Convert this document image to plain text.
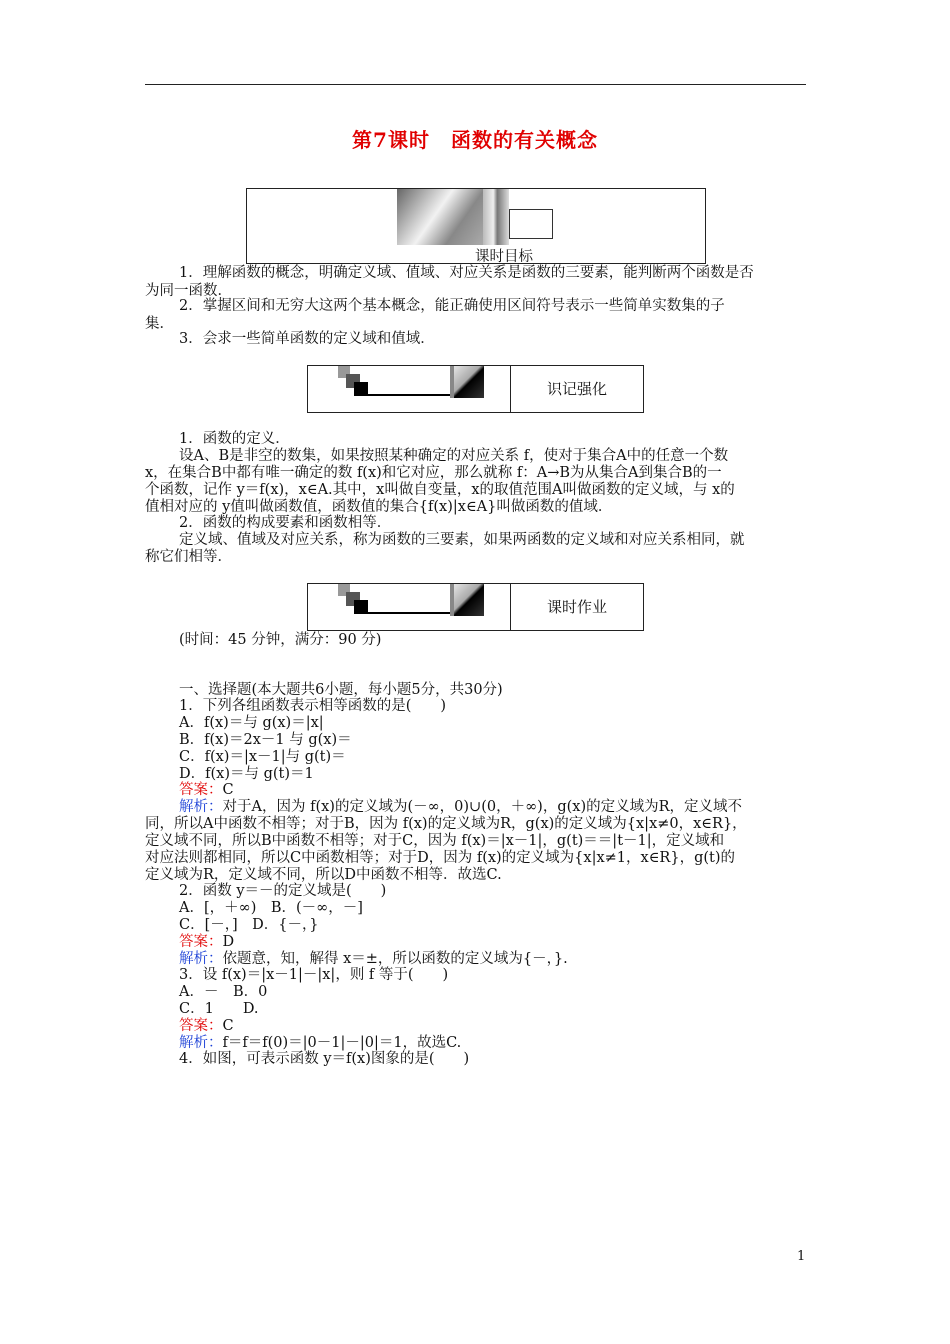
第7课时　函数的有关概念
课时目标
1．理解函数的概念，明确定义域、值域、对应关系是函数的三要素，能判断两个函数是否
为同一函数．
2．掌握区间和无穷大这两个基本概念，能正确使用区间符号表示一些简单实数集的子
集．
3．会求一些简单函数的定义域和值域．
识记强化
1．函数的定义．
设A、B是非空的数集，如果按照某种确定的对应关系 f，使对于集合A中的任意一个数
x，在集合B中都有唯一确定的数 f(x)和它对应，那么就称 f：A→B为从集合A到集合B的一
个函数，记作 y＝f(x)，x∈A.其中，x叫做自变量，x的取值范围A叫做函数的定义域，与 x的
值相对应的 y值叫做函数值，函数值的集合{f(x)|x∈A}叫做函数的值域．
2．函数的构成要素和函数相等．
定义域、值域及对应关系，称为函数的三要素，如果两函数的定义域和对应关系相同，就
称它们相等．
课时作业
(时间：45 分钟，满分：90 分)
一、选择题(本大题共6小题，每小题5分，共30分)
1．下列各组函数表示相等函数的是(　　)
A．f(x)＝与 g(x)＝|x|
B．f(x)＝2x－1 与 g(x)＝
C．f(x)＝|x－1|与 g(t)＝
D．f(x)＝与 g(t)＝1
答案：C
解析：对于A，因为 f(x)的定义域为(－∞，0)∪(0，＋∞)，g(x)的定义域为R，定义域不
同，所以A中函数不相等；对于B，因为 f(x)的定义域为R，g(x)的定义域为{x|x≠0，x∈R}，
定义域不同，所以B中函数不相等；对于C，因为 f(x)＝|x－1|，g(t)＝＝|t－1|，定义域和
对应法则都相同，所以C中函数相等；对于D，因为 f(x)的定义域为{x|x≠1，x∈R}，g(t)的
定义域为R，定义域不同，所以D中函数不相等．故选C.
2．函数 y＝－的定义域是(　　)
A．[，＋∞)　B．(－∞，－]
C．[－，]　D．{－，}
答案：D
解析：依题意，知，解得 x＝±，所以函数的定义域为{－，}.
3．设 f(x)＝|x－1|－|x|，则 f 等于(　　)
A．－　B．0
C．1　　D.
答案：C
解析：f＝f＝f(0)＝|0－1|－|0|＝1，故选C.
4．如图，可表示函数 y＝f(x)图象的是(　　)
1
